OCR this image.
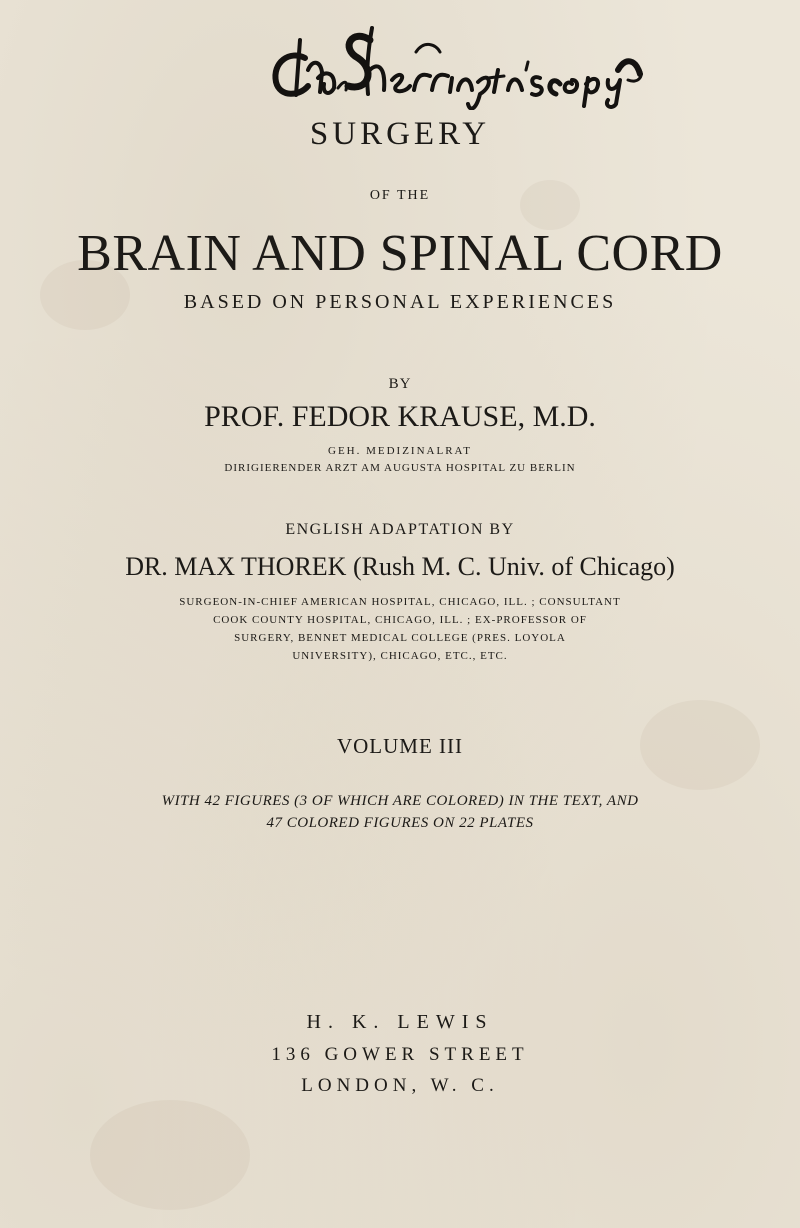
SURGERY
OF THE
BRAIN AND SPINAL CORD
BASED ON PERSONAL EXPERIENCES
BY
PROF. FEDOR KRAUSE, M.D.
GEH. MEDIZINALRAT
DIRIGIERENDER ARZT AM AUGUSTA HOSPITAL ZU BERLIN
ENGLISH ADAPTATION BY
DR. MAX THOREK (Rush M. C. Univ. of Chicago)
SURGEON-IN-CHIEF AMERICAN HOSPITAL, CHICAGO, ILL. ; CONSULTANT
COOK COUNTY HOSPITAL, CHICAGO, ILL. ; EX-PROFESSOR OF
SURGERY, BENNET MEDICAL COLLEGE (PRES. LOYOLA
UNIVERSITY), CHICAGO, ETC., ETC.
VOLUME III
WITH 42 FIGURES (3 OF WHICH ARE COLORED) IN THE TEXT, AND
47 COLORED FIGURES ON 22 PLATES
H. K. LEWIS
136 GOWER STREET
LONDON, W. C.
